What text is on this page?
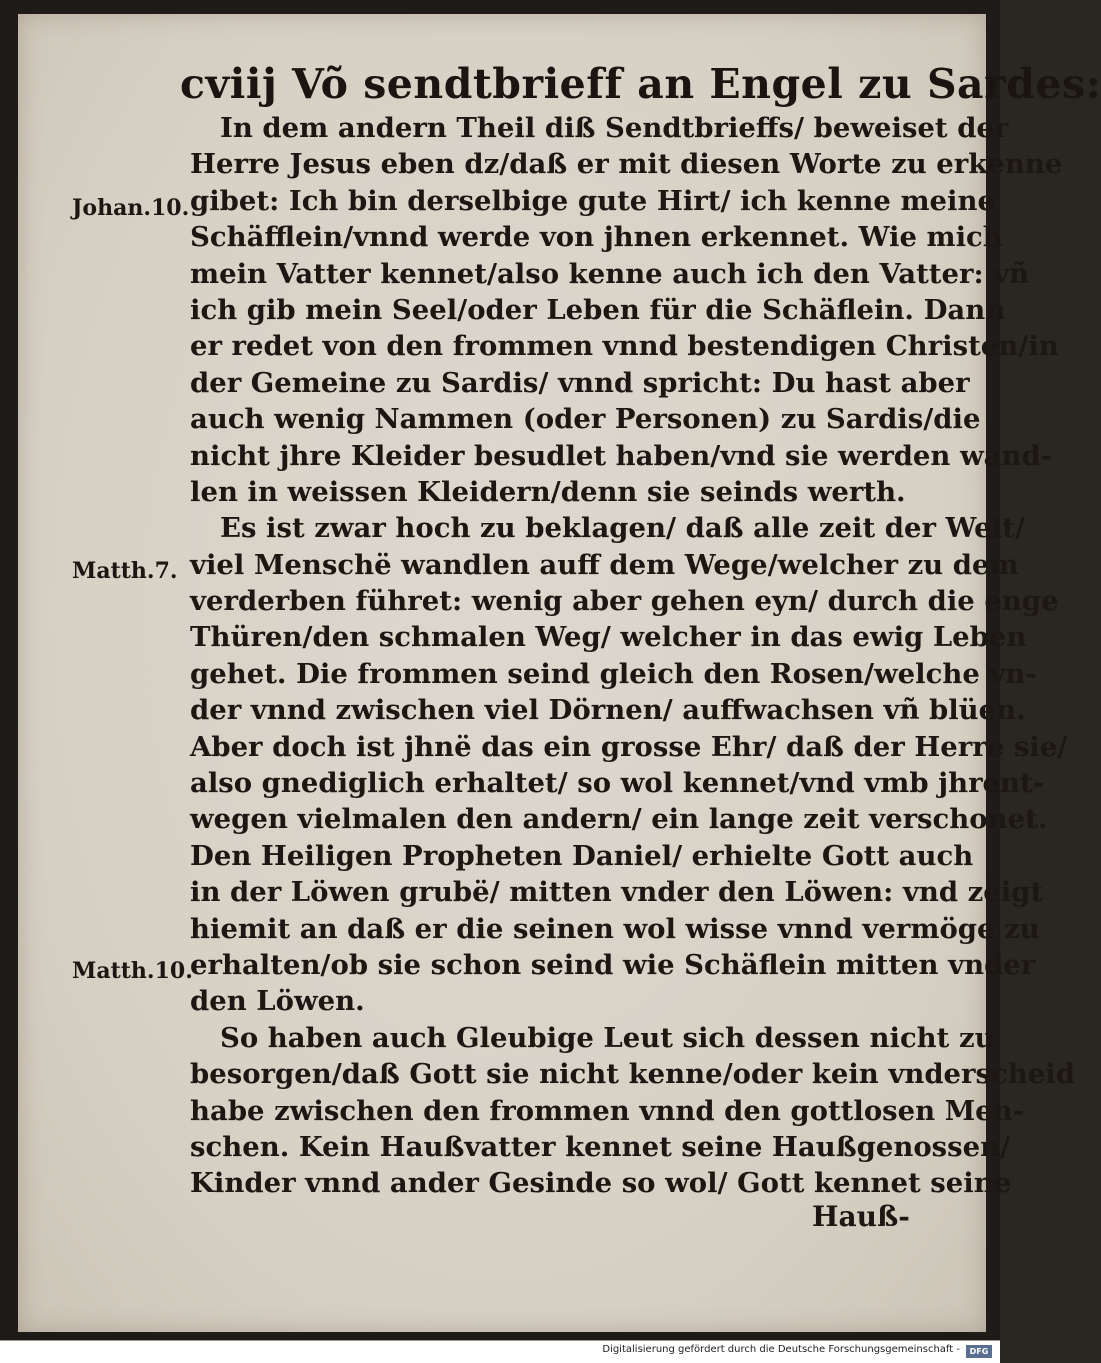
cviij Võ sendtbrieff an Engel zu Sardes:
Johan.10.
Matth.7.
Matth.10.
In dem andern Theil diß Sendtbrieffs/ beweiset der
Herre Jesus eben dz/daß er mit diesen Worte zu erkenne
gibet: Ich bin derselbige gute Hirt/ ich kenne meine
Schäfflein/vnnd werde von jhnen erkennet. Wie mich
mein Vatter kennet/also kenne auch ich den Vatter: vñ
ich gib mein Seel/oder Leben für die Schäflein. Dann
er redet von den frommen vnnd bestendigen Christen/in
der Gemeine zu Sardis/ vnnd spricht: Du hast aber
auch wenig Nammen (oder Personen) zu Sardis/die
nicht jhre Kleider besudlet haben/vnd sie werden wand-
len in weissen Kleidern/denn sie seinds werth.
Es ist zwar hoch zu beklagen/ daß alle zeit der Welt/
viel Menschë wandlen auff dem Wege/welcher zu dem
verderben führet: wenig aber gehen eyn/ durch die enge
Thüren/den schmalen Weg/ welcher in das ewig Leben
gehet. Die frommen seind gleich den Rosen/welche vn-
der vnnd zwischen viel Dörnen/ auffwachsen vñ blüen.
Aber doch ist jhnë das ein grosse Ehr/ daß der Herre sie/
also gnediglich erhaltet/ so wol kennet/vnd vmb jhrent-
wegen vielmalen den andern/ ein lange zeit verschonet.
Den Heiligen Propheten Daniel/ erhielte Gott auch
in der Löwen grubë/ mitten vnder den Löwen: vnd zeigt
hiemit an daß er die seinen wol wisse vnnd vermöge zu
erhalten/ob sie schon seind wie Schäflein mitten vnder
den Löwen.
So haben auch Gleubige Leut sich dessen nicht zu
besorgen/daß Gott sie nicht kenne/oder kein vnderscheid
habe zwischen den frommen vnnd den gottlosen Men-
schen. Kein Haußvatter kennet seine Haußgenossen/
Kinder vnnd ander Gesinde so wol/ Gott kennet seine
Hauß-
Digitalisierung gefördert durch die Deutsche Forschungsgemeinschaft -	DFG
